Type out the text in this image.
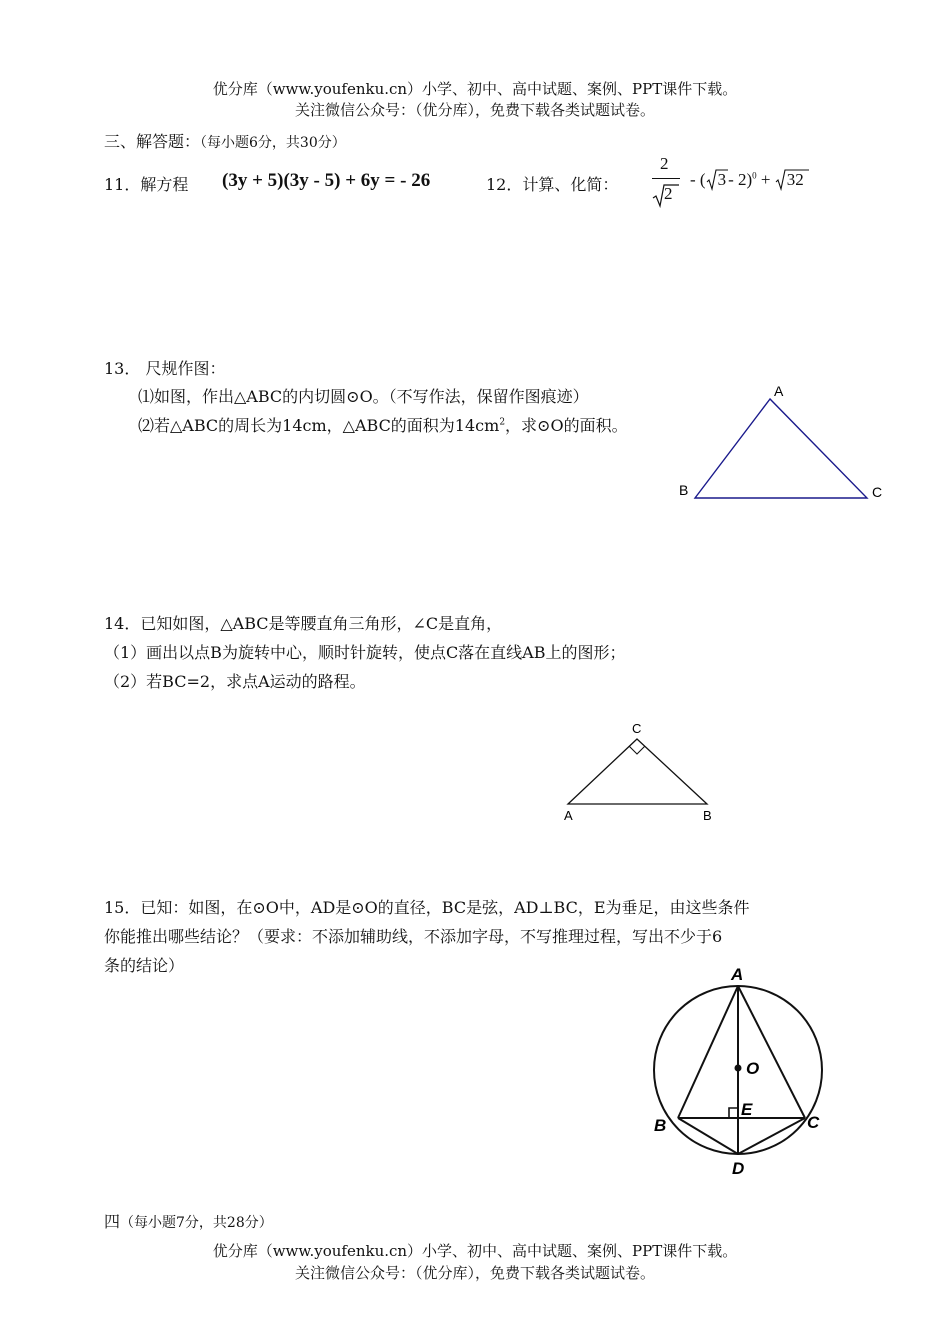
优分库（www.youfenku.cn）小学、初中、高中试题、案例、PPT课件下载。
关注微信公众号：（优分库），免费下载各类试题试卷。
三、解答题：（每小题6分，共30分）
11．解方程 (3y + 5)(3y - 5) + 6y = - 26	12．计算、化简：
2
2
- ( 3 - 2)$^0$ + 32
13． 尺规作图：
⑴如图，作出△ABC的内切圆⊙O。（不写作法，保留作图痕迹）
⑵若△ABC的周长为14cm，△ABC的面积为$14cm^2$，求⊙O的面积。
A
B	C
14．已知如图，△ABC是等腰直角三角形，∠C是直角，
（1）画出以点B为旋转中心，顺时针旋转，使点C落在直线AB上的图形；
（2）若BC=2，求点A运动的路程。
C
A	B
15．已知：如图，在⊙O中，AD是⊙O的直径，BC是弦，AD⊥BC，E为垂足，由这些条件
你能推出哪些结论？（要求：不添加辅助线，不添加字母，不写推理过程，写出不少于6
条的结论）	A
O
B	C
E
D
四（每小题7分，共28分）
优分库（www.youfenku.cn）小学、初中、高中试题、案例、PPT课件下载。
关注微信公众号：（优分库），免费下载各类试题试卷。
